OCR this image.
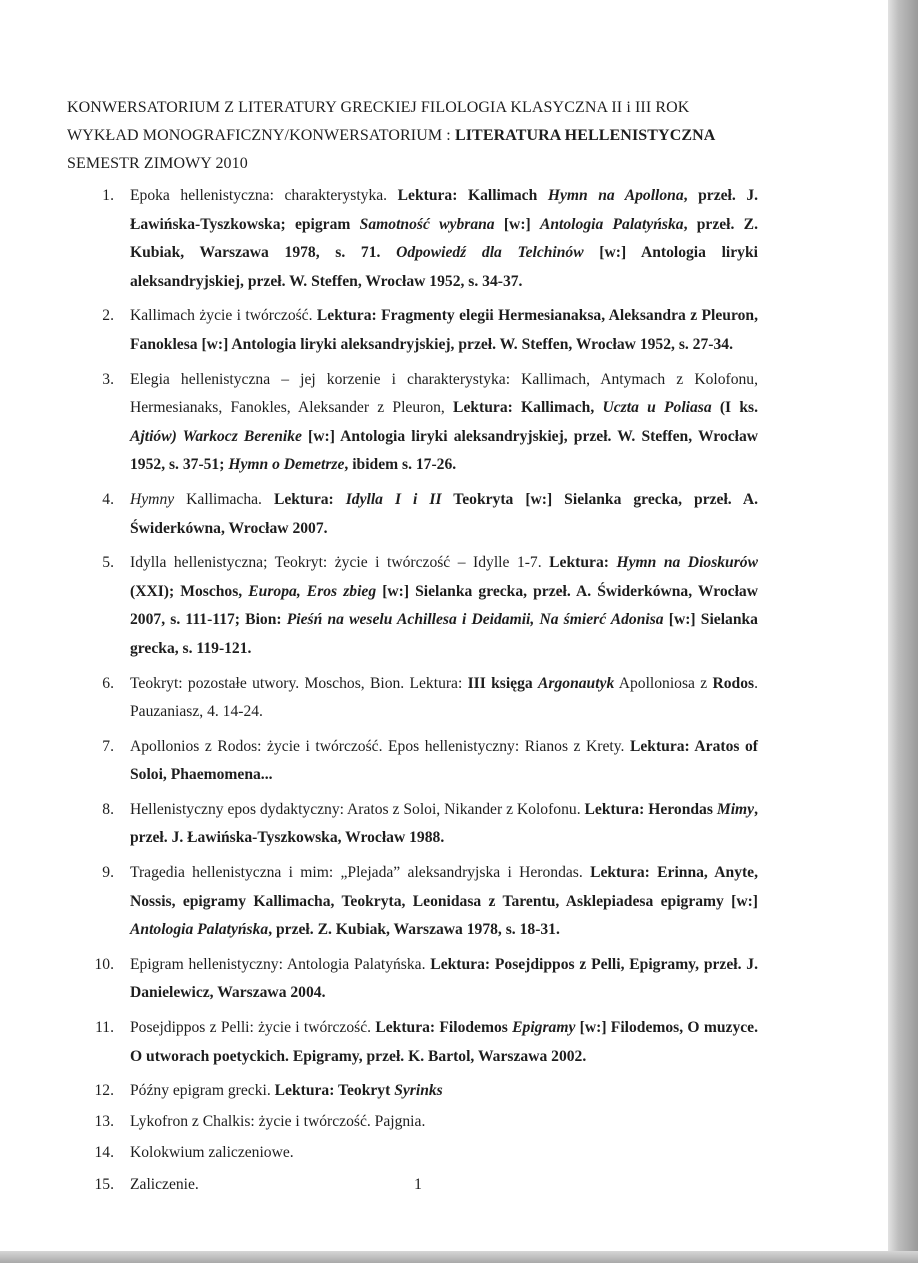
KONWERSATORIUM Z LITERATURY GRECKIEJ FILOLOGIA KLASYCZNA II i III ROK
WYKŁAD MONOGRAFICZNY/KONWERSATORIUM : LITERATURA HELLENISTYCZNA
SEMESTR ZIMOWY 2010
1. Epoka hellenistyczna: charakterystyka. Lektura: Kallimach Hymn na Apollona, przeł. J. Ławińska-Tyszkowska; epigram Samotność wybrana [w:] Antologia Palatyńska, przeł. Z. Kubiak, Warszawa 1978, s. 71. Odpowiedź dla Telchinów [w:] Antologia liryki aleksandryjskiej, przeł. W. Steffen, Wrocław 1952, s. 34-37.
2. Kallimach życie i twórczość. Lektura: Fragmenty elegii Hermesianaksa, Aleksandra z Pleuron, Fanoklesa [w:] Antologia liryki aleksandryjskiej, przeł. W. Steffen, Wrocław 1952, s. 27-34.
3. Elegia hellenistyczna – jej korzenie i charakterystyka: Kallimach, Antymach z Kolofonu, Hermesianaks, Fanokles, Aleksander z Pleuron, Lektura: Kallimach, Uczta u Poliasa (I ks. Ajtiów) Warkocz Berenike [w:] Antologia liryki aleksandryjskiej, przeł. W. Steffen, Wrocław 1952, s. 37-51; Hymn o Demetrze, ibidem s. 17-26.
4. Hymny Kallimacha. Lektura: Idylla I i II Teokryta [w:] Sielanka grecka, przeł. A. Świderkówna, Wrocław 2007.
5. Idylla hellenistyczna; Teokryt: życie i twórczość – Idylle 1-7. Lektura: Hymn na Dioskurów (XXI); Moschos, Europa, Eros zbieg [w:] Sielanka grecka, przeł. A. Świderkówna, Wrocław 2007, s. 111-117; Bion: Pieśń na weselu Achillesa i Deidamii, Na śmierć Adonisa [w:] Sielanka grecka, s. 119-121.
6. Teokryt: pozostałe utwory. Moschos, Bion. Lektura: III księga Argonautyk Apolloniosa z Rodos. Pauzaniasz, 4. 14-24.
7. Apollonios z Rodos: życie i twórczość. Epos hellenistyczny: Rianos z Krety. Lektura: Aratos of Soloi, Phaemomena...
8. Hellenistyczny epos dydaktyczny: Aratos z Soloi, Nikander z Kolofonu. Lektura: Herondas Mimy, przeł. J. Ławińska-Tyszkowska, Wrocław 1988.
9. Tragedia hellenistyczna i mim: „Plejada” aleksandryjska i Herondas. Lektura: Erinna, Anyte, Nossis, epigramy Kallimacha, Teokryta, Leonidasa z Tarentu, Asklepiadesa epigramy [w:] Antologia Palatyńska, przeł. Z. Kubiak, Warszawa 1978, s. 18-31.
10. Epigram hellenistyczny: Antologia Palatyńska. Lektura: Posejdippos z Pelli, Epigramy, przeł. J. Danielewicz, Warszawa 2004.
11. Posejdippos z Pelli: życie i twórczość. Lektura: Filodemos Epigramy [w:] Filodemos, O muzyce. O utworach poetyckich. Epigramy, przeł. K. Bartol, Warszawa 2002.
12. Późny epigram grecki. Lektura: Teokryt Syrinks
13. Lykofron z Chalkis: życie i twórczość. Pajgnia.
14. Kolokwium zaliczeniowe.
15. Zaliczenie.	1
